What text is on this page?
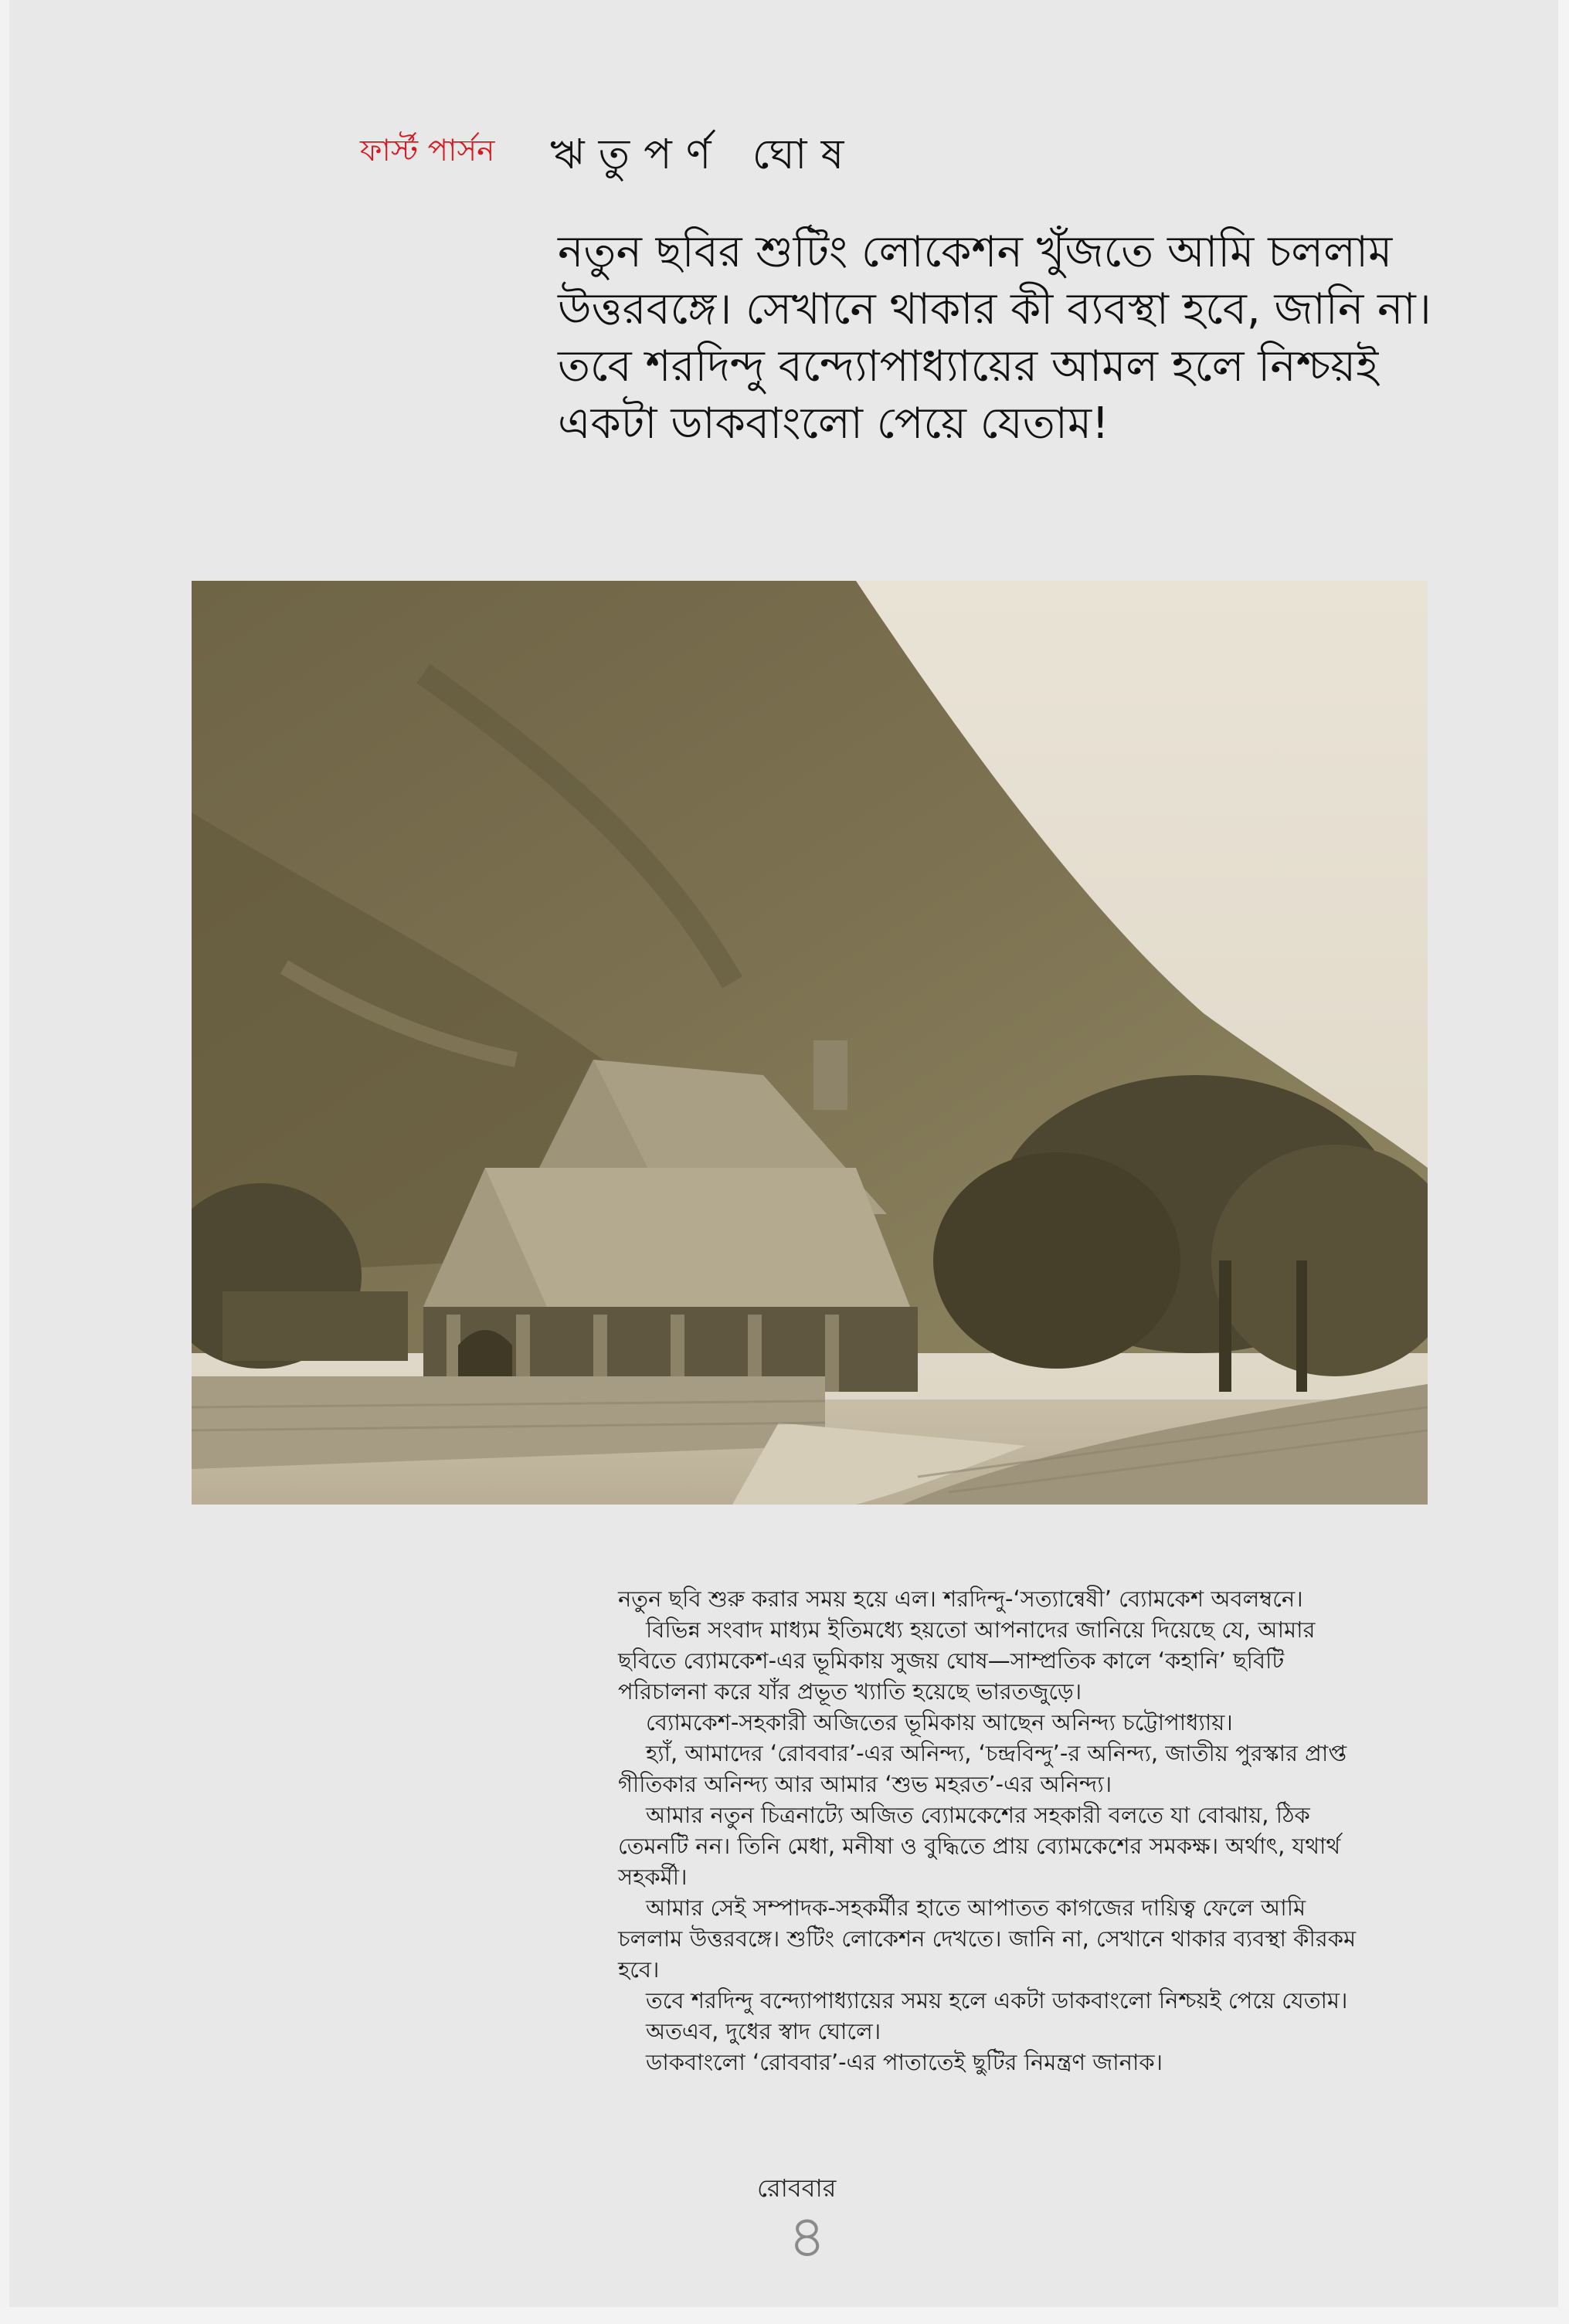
ফার্স্ট পার্সন ঋতুপর্ণ ঘোষ
নতুন ছবির শুটিং লোকেশন খুঁজতে আমি চললাম
উত্তরবঙ্গে। সেখানে থাকার কী ব্যবস্থা হবে, জানি না।
তবে শরদিন্দু বন্দ্যোপাধ্যায়ের আমল হলে নিশ্চয়ই
একটা ডাকবাংলো পেয়ে যেতাম!

নতুন ছবি শুরু করার সময় হয়ে এল। শরদিন্দু-‘সত্যান্বেষী’ ব্যোমকেশ অবলম্বনে।

বিভিন্ন সংবাদ মাধ্যম ইতিমধ্যে হয়তো আপনাদের জানিয়ে দিয়েছে যে, আমার

ছবিতে ব্যোমকেশ-এর ভূমিকায় সুজয় ঘোষ—সাম্প্রতিক কালে ‘কহানি’ ছবিটি

পরিচালনা করে যাঁর প্রভূত খ্যাতি হয়েছে ভারতজুড়ে।

ব্যোমকেশ-সহকারী অজিতের ভূমিকায় আছেন অনিন্দ্য চট্টোপাধ্যায়।

হ্যাঁ, আমাদের ‘রোববার’-এর অনিন্দ্য, ‘চন্দ্রবিন্দু’-র অনিন্দ্য, জাতীয় পুরস্কার প্রাপ্ত

গীতিকার অনিন্দ্য আর আমার ‘শুভ মহরত’-এর অনিন্দ্য।

আমার নতুন চিত্রনাট্যে অজিত ব্যোমকেশের সহকারী বলতে যা বোঝায়, ঠিক

তেমনটি নন। তিনি মেধা, মনীষা ও বুদ্ধিতে প্রায় ব্যোমকেশের সমকক্ষ। অর্থাৎ, যথার্থ

সহকর্মী।

আমার সেই সম্পাদক-সহকর্মীর হাতে আপাতত কাগজের দায়িত্ব ফেলে আমি

চললাম উত্তরবঙ্গে। শুটিং লোকেশন দেখতে। জানি না, সেখানে থাকার ব্যবস্থা কীরকম

হবে।

তবে শরদিন্দু বন্দ্যোপাধ্যায়ের সময় হলে একটা ডাকবাংলো নিশ্চয়ই পেয়ে যেতাম।

অতএব, দুধের স্বাদ ঘোলে।

ডাকবাংলো ‘রোববার’-এর পাতাতেই ছুটির নিমন্ত্রণ জানাক।

রোববার
৪
